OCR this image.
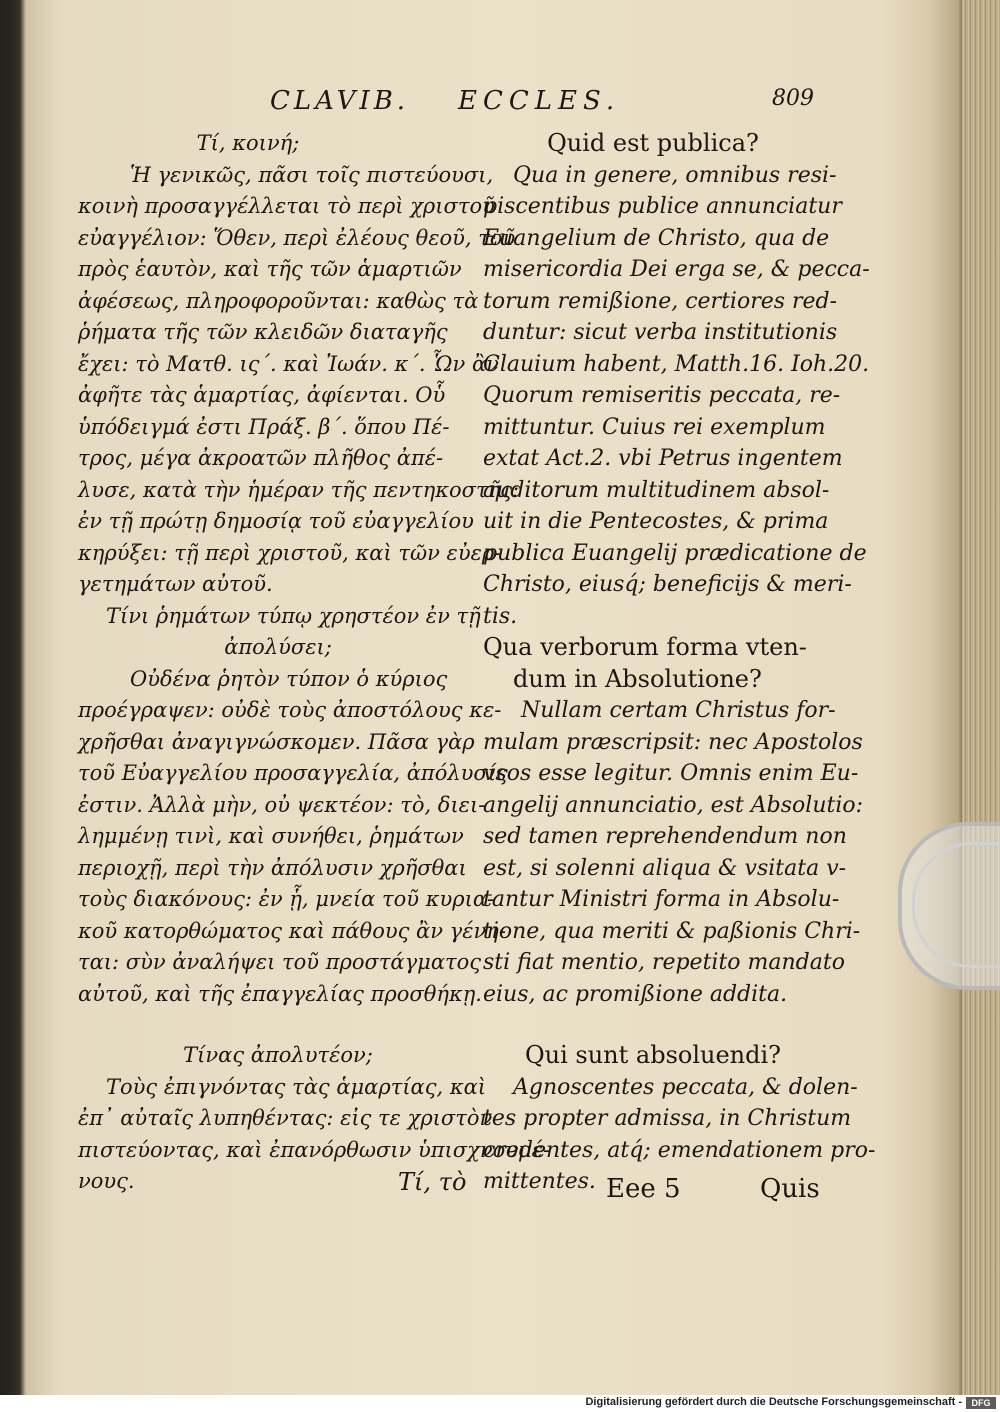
CLAVIB. ECCLES.	809
Τί, κοινή;
Ἡ γενικῶς, πᾶσι τοῖς πιστεύουσι,
κοινὴ προσαγγέλλεται τὸ περὶ χριστοῦ
εὐαγγέλιον: Ὅθεν, περὶ ἐλέους θεοῦ, τοῦ
πρὸς ἑαυτὸν, καὶ τῆς τῶν ἁμαρτιῶν
ἀφέσεως, πληροφοροῦνται: καθὼς τὰ
ῥήματα τῆς τῶν κλειδῶν διαταγῆς
ἔχει: τὸ Ματθ. ις´. καὶ Ἰωάν. κ´. Ὧν ἂν
ἀφῆτε τὰς ἁμαρτίας, ἀφίενται. Οὗ
ὑπόδειγμά ἐστι Πράξ. β´. ὅπου Πέ-
τρος, μέγα ἀκροατῶν πλῆθος ἀπέ-
λυσε, κατὰ τὴν ἡμέραν τῆς πεντηκοστῆς:
ἐν τῇ πρώτῃ δημοσίᾳ τοῦ εὐαγγελίου
κηρύξει: τῇ περὶ χριστοῦ, καὶ τῶν εὐερ-
γετημάτων αὐτοῦ.
Τίνι ῥημάτων τύπῳ χρηστέον ἐν τῇ
ἀπολύσει;
Οὐδένα ῥητὸν τύπον ὁ κύριος
προέγραψεν: οὐδὲ τοὺς ἀποστόλους κε-
χρῆσθαι ἀναγιγνώσκομεν. Πᾶσα γὰρ
τοῦ Εὐαγγελίου προσαγγελία, ἀπόλυσίς
ἐστιν. Ἀλλὰ μὴν, οὐ ψεκτέον: τὸ, διει-
λημμένῃ τινὶ, καὶ συνήθει, ῥημάτων
περιοχῇ, περὶ τὴν ἀπόλυσιν χρῆσθαι
τοὺς διακόνους: ἐν ᾗ, μνεία τοῦ κυρια-
κοῦ κατορθώματος καὶ πάθους ἂν γένη-
ται: σὺν ἀναλήψει τοῦ προστάγματος
αὐτοῦ, καὶ τῆς ἐπαγγελίας προσθήκῃ.
Τίνας ἀπολυτέον;
Τοὺς ἐπιγνόντας τὰς ἁμαρτίας, καὶ
ἐπ᾽ αὐταῖς λυπηθέντας: εἰς τε χριστὸν
πιστεύοντας, καὶ ἐπανόρθωσιν ὑπισχνουμέ-
νους.
Quid est publica?
Qua in genere, omnibus resi-
piscentibus publice annunciatur
Euangelium de Christo, qua de
misericordia Dei erga se, & pecca-
torum remißione, certiores red-
duntur: sicut verba institutionis
Clauium habent, Matth.16. Ioh.20.
Quorum remiseritis peccata, re-
mittuntur. Cuius rei exemplum
extat Act.2. vbi Petrus ingentem
auditorum multitudinem absol-
uit in die Pentecostes, & prima
publica Euangelij prædicatione de
Christo, eiusq́; beneficijs & meri-
tis.
Qua verborum forma vten-
dum in Absolutione?
Nullam certam Christus for-
mulam præscripsit: nec Apostolos
vsos esse legitur. Omnis enim Eu-
angelij annunciatio, est Absolutio:
sed tamen reprehendendum non
est, si solenni aliqua & vsitata v-
tantur Ministri forma in Absolu-
tione, qua meriti & paßionis Chri-
sti fiat mentio, repetito mandato
eius, ac promißione addita.
Qui sunt absoluendi?
Agnoscentes peccata, & dolen-
tes propter admissa, in Christum
credentes, atq́; emendationem pro-
mittentes.
Τί, τὸ	Eee 5	Quis
Digitalisierung gefördert durch die Deutsche Forschungsgemeinschaft -	DFG
